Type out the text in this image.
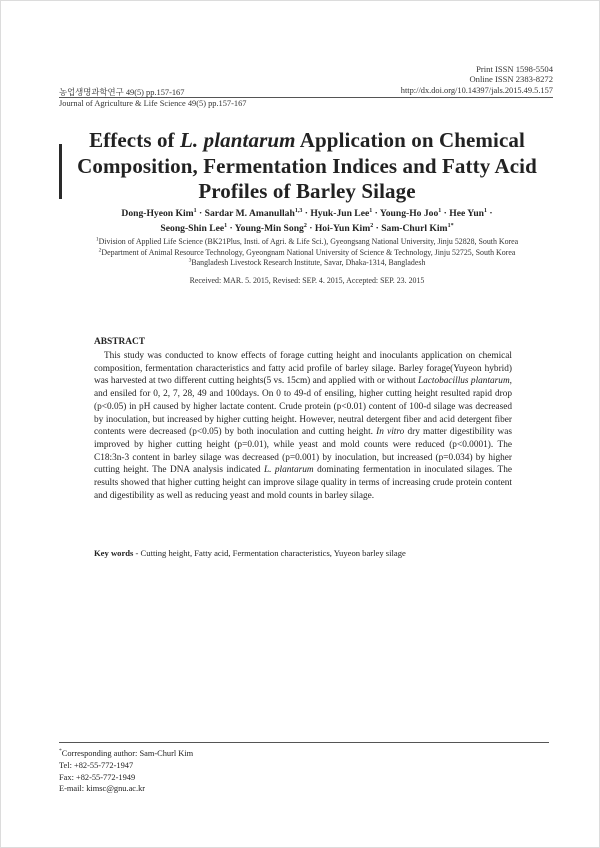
Print ISSN 1598-5504
Online ISSN 2383-8272
농업생명과학연구 49(5) pp.157-167	http://dx.doi.org/10.14397/jals.2015.49.5.157
Journal of Agriculture & Life Science 49(5) pp.157-167
Effects of L. plantarum Application on Chemical Composition, Fermentation Indices and Fatty Acid Profiles of Barley Silage
Dong-Hyeon Kim$^1$ · Sardar M. Amanullah$^{1,3}$ · Hyuk-Jun Lee$^1$ · Young-Ho Joo$^1$ · Hee Yun$^1$ ·
Seong-Shin Lee$^1$ · Young-Min Song$^2$ · Hoi-Yun Kim$^2$ · Sam-Churl Kim$^{1*}$
$^1$Division of Applied Life Science (BK21Plus, Insti. of Agri. & Life Sci.), Gyeongsang National University, Jinju 52828, South Korea
$^2$Department of Animal Resource Technology, Gyeongnam National University of Science & Technology, Jinju 52725, South Korea
$^3$Bangladesh Livestock Research Institute, Savar, Dhaka-1314, Bangladesh
Received: MAR. 5. 2015, Revised: SEP. 4. 2015, Accepted: SEP. 23. 2015
ABSTRACT

This study was conducted to know effects of forage cutting height and inoculants application on chemical composition, fermentation characteristics and fatty acid profile of barley silage. Barley forage(Yuyeon hybrid) was harvested at two different cutting heights(5 vs. 15cm) and applied with or without Lactobacillus plantarum, and ensiled for 0, 2, 7, 28, 49 and 100days. On 0 to 49-d of ensiling, higher cutting height resulted rapid drop (p<0.05) in pH caused by higher lactate content. Crude protein (p<0.01) content of 100-d silage was decreased by inoculation, but increased by higher cutting height. However, neutral detergent fiber and acid detergent fiber contents were decreased (p<0.05) by both inoculation and cutting height. In vitro dry matter digestibility was improved by higher cutting height (p=0.01), while yeast and mold counts were reduced (p<0.0001). The C18:3n-3 content in barley silage was decreased (p=0.001) by inoculation, but increased (p=0.034) by higher cutting height. The DNA analysis indicated L. plantarum dominating fermentation in inoculated silages. The results showed that higher cutting height can improve silage quality in terms of increasing crude protein content and digestibility as well as reducing yeast and mold counts in barley silage.

Key words - Cutting height, Fatty acid, Fermentation characteristics, Yuyeon barley silage
*Corresponding author: Sam-Churl Kim
Tel: +82-55-772-1947
Fax: +82-55-772-1949
E-mail: kimsc@gnu.ac.kr
